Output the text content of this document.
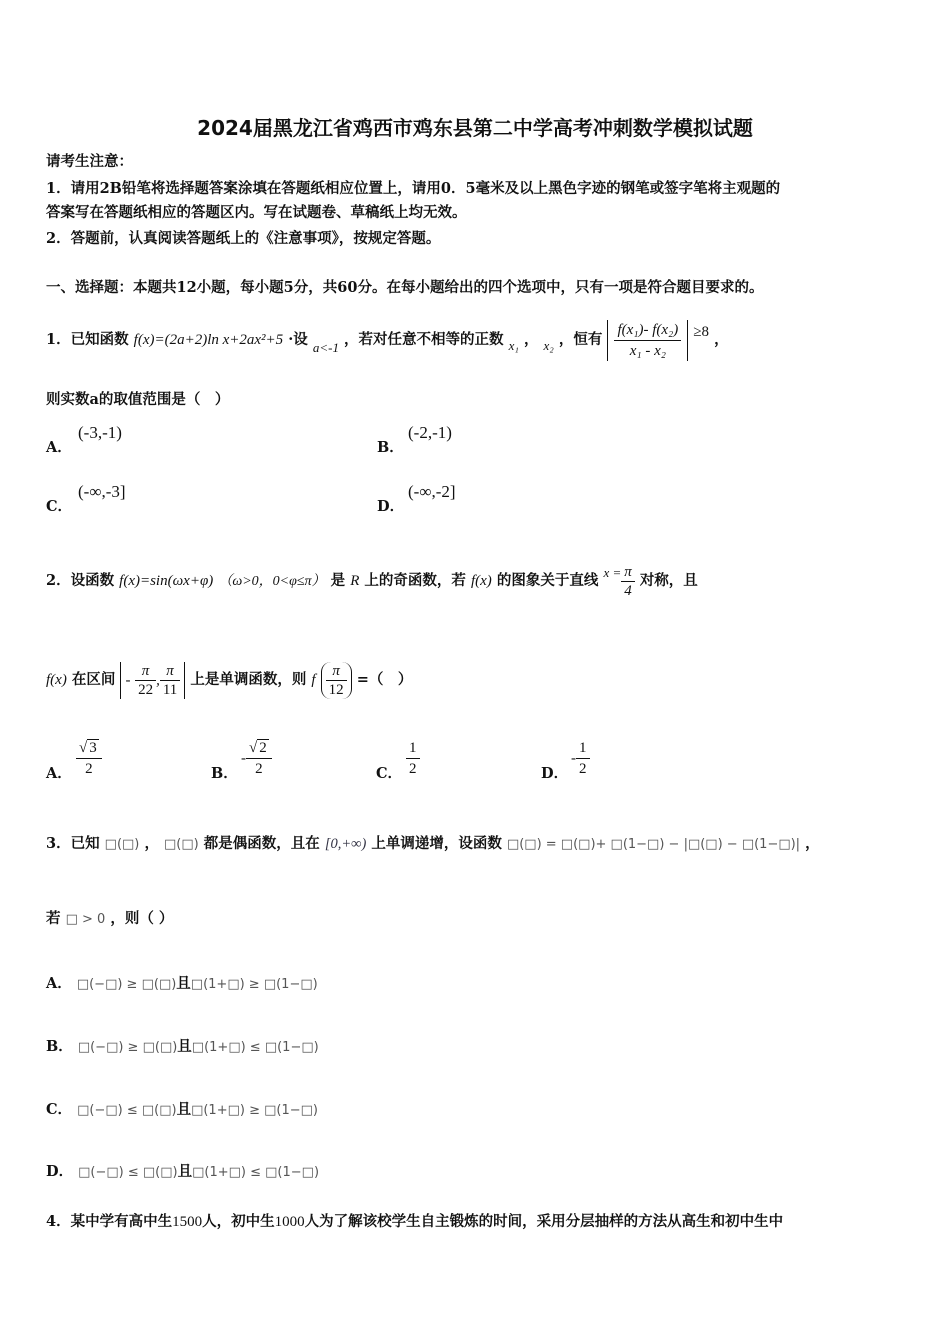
2024届黑龙江省鸡西市鸡东县第二中学高考冲刺数学模拟试题
请考生注意：
1．请用2B铅笔将选择题答案涂填在答题纸相应位置上，请用0．5毫米及以上黑色字迹的钢笔或签字笔将主观题的
答案写在答题纸相应的答题区内。写在试题卷、草稿纸上均无效。
2．答题前，认真阅读答题纸上的《注意事项》，按规定答题。
一、选择题：本题共12小题，每小题5分，共60分。在每小题给出的四个选项中，只有一项是符合题目要求的。
1．已知函数 f(x)=(2a+2)ln x+2ax²+5 ·设 a<-1 ，若对任意不相等的正数 x₁ ， x₂ ，恒有 $\frac{\text{f(x₁)- f(x₂)}}{\text{x₁ - x₂}} \ge 8$ ，
则实数a的取值范围是（　）
A．
(-3,-1)
B．
(-2,-1)
C．
(-∞,-3]
D．
(-∞,-2]
2．设函数 f(x)=sin(ωx+φ) （ω>0，0<φ≤π） 是 R 上的奇函数，若 f(x) 的图象关于直线 $x = \frac{\pi}{4}$ 对称，且
f(x) 在区间 - $\frac{\pi}{22}$ , $\frac{\pi}{11}$ 上是单调函数，则 f $\frac{\pi}{12}$ =（　）
A． $\frac{√ 3}{2}$	B．
- $\frac{√ 2}{2}$	C． $\frac{1}{2}$	D．
- $\frac{1}{2}$
3．已知 □(□) ， □(□) 都是偶函数，且在 [0,+∞) 上单调递增，设函数 □(□) = □(□)+ □(1−□) − |□(□) − □(1−□)| ，
若 □ > 0 ，则（ ）
A． □(−□) ≥ □(□)且□(1+□) ≥ □(1−□)
B． □(−□) ≥ □(□)且□(1+□) ≤ □(1−□)
C． □(−□) ≤ □(□)且□(1+□) ≥ □(1−□)
D． □(−□) ≤ □(□)且□(1+□) ≤ □(1−□)
4．某中学有高中生1500人，初中生1000人为了解该校学生自主锻炼的时间，采用分层抽样的方法从高生和初中生中
